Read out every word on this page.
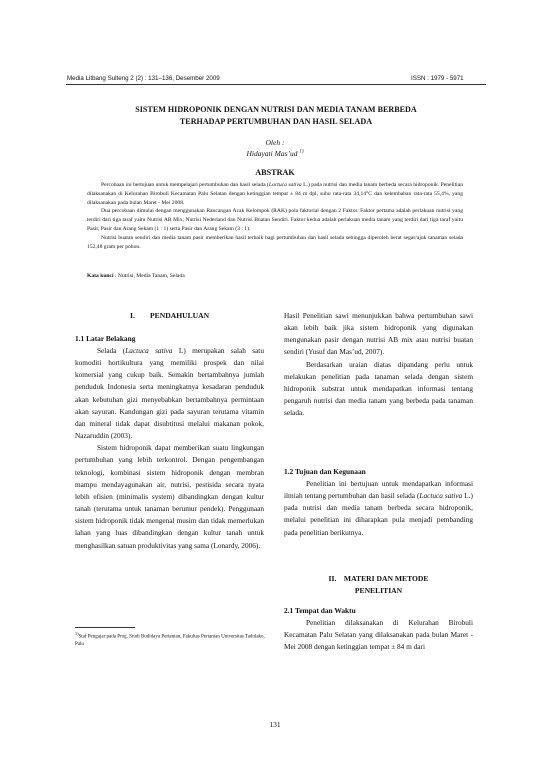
Media Litbang Sulteng 2 (2) : 131–136, Desember 2009	ISSN : 1979 - 5971
SISTEM HIDROPONIK DENGAN NUTRISI DAN MEDIA TANAM BERBEDA
TERHADAP PERTUMBUHAN DAN HASIL SELADA
Oleh :
Hidayati Mas’ud $^{1)}$
ABSTRAK

Percobaan ini bertujuan untuk mempelajari pertumbuhan dan hasil selada (Lactuca sativa L.) pada nutrisi dan media tanam berbeda secara hidroponik. Penelitian dilaksanakan di Kelurahan Birobuli Kecamatan Palu Selatan dengan ketinggian tempat ± 84 m dpl, suhu rata-rata 34,14°C dan kelembaban rata-rata 55,4%, yang dilaksanakan pada bulan Maret - Mei 2008.

Dua percobaan dimulai dengan menggunakan Rancangan Acak Kelompok (RAK) pola faktorial dengan 2 Faktor. Faktor pertama adalah perlakuan nutrisi yang terdiri dari tiga taraf yaitu Nutrisi AB Mix, Nutrisi Nederland dan Nutrisi Buatan Sendiri. Faktor kedua adalah perlakuan media tanam yang terdiri dari tiga taraf yaitu Pasir, Pasir dan Arang Sekam (1 : 1) serta Pasir dan Arang Sekam (3 : 1).

Nutrisi buatan sendiri dan media tanam pasir memberikan hasil terbaik bagi pertumbuhan dan hasil selada sebingga diperoleh berat segar/ajuk tanaman selada 152,48 gram per pohon.

Kata kunci : Nutrisi, Media Tanam, Selada
I.  PENDAHULUAN
1.1 Latar Belakang

Selada (Lactuca sativa L) merupakan salah satu komoditi hortikultura yang memiliki prospek dan nilai komersial yang cukup baik. Semakin bertambahnya jumlah penduduk Indonesia serta meningkatnya kesadaran penduduk akan kebutuhan gizi menyebabkan bertambahnya permintaan akan sayuran. Kandungan gizi pada sayuran terutama vitamin dan mineral tidak dapat disubtitusi melalui makanan pokok, Nazaruddin (2003).

Sistem hidroponik dapat memberikan suatu lingkungan pertumbuhan yang lebih terkontrol. Dengan pengembangan teknologi, kombinasi sistem hidroponik dengan membran mampu mendayagunakan air, nutrisi, pestisida secara nyata lebih efisien (minimalis system) dibandingkan dengan kultur tanah (terutama untuk tanaman berumur pendek). Penggunaan sistem hidroponik tidak mengenal musim dan tidak memerlukan lahan yang luas dibandingkan dengan kultur tanah untuk menghasilkan satuan produktivitas yang sama (Lonardy, 2006).

$^{1)}$Staf Pengajar pada Prog. Studi Budidaya Pertanian, Fakultas Pertanian Universitas Tadulako, Palu

Hasil Penelitian sawi menunjukkan bahwa pertumbuhan sawi akan lebih baik jika sistem hidroponik yang digunakan mengunakan pasir dengan nutrisi AB mix atau nutrisi buatan sendiri (Yusuf dan Mas’ud, 2007).

Berdasarkan uraian diatas dipandang perlu untuk melakukan penelitian pada tanaman selada dengan sistem hidroponik substrat untuk mendapatkan informasi tentang pengaruh nutrisi dan media tanam yang berbeda pada tanaman selada.

1.2 Tujuan dan Kegunaan

Penelitian ini bertujuan untuk mendapatkan informasi ilmiah tentang pertumbuhan dan hasil selada (Lactuca sativa L.) pada nutrisi dan media tanam berbeda secara hidroponik, melalui penelitian ini diharapkan pula menjadi pembanding pada penelitian berikutnya.

II. MATERI DAN METODE
PENELITIAN
2.1 Tempat dan Waktu

Penelitian dilaksanakan di Kelurahan Birobuli Kecamatan Palu Selatan yang dilaksanakan pada bulan Maret - Mei 2008 dengan ketinggian tempat ± 84 m dari

131
